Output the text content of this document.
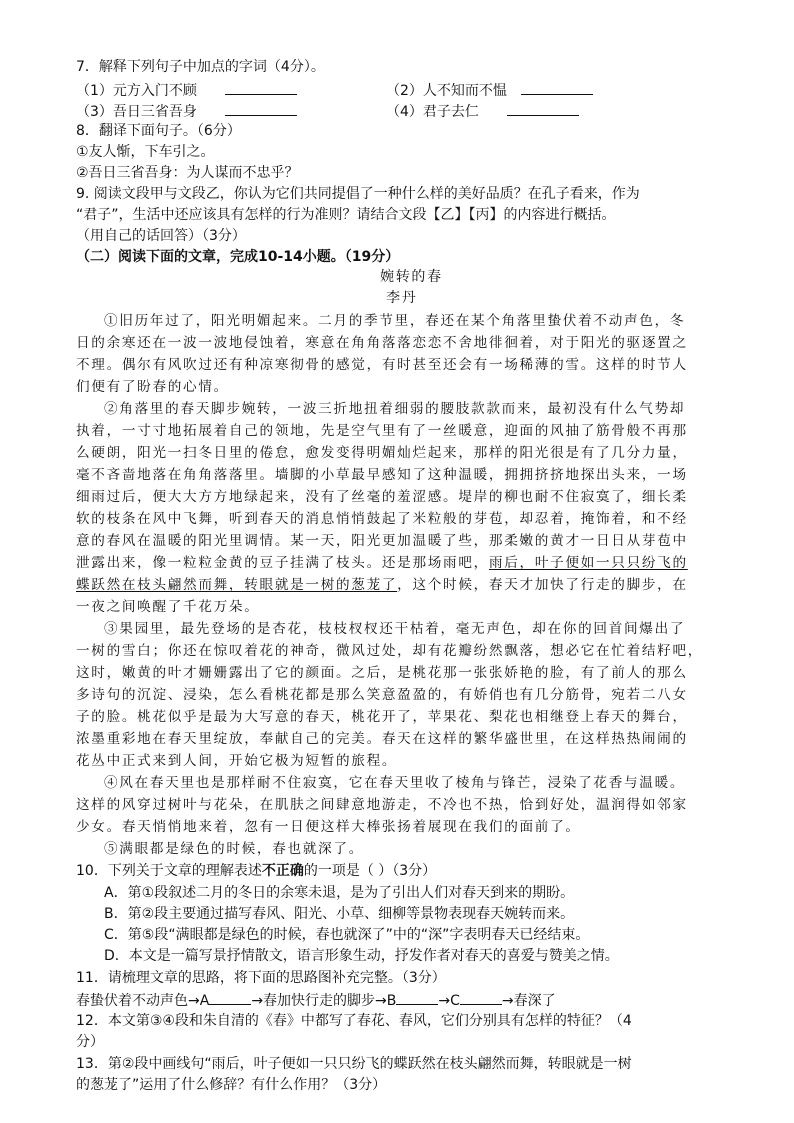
7．解释下列句子中加点的字词（4分）。
（1）元方入门不顾	（2）人不知而不愠
（3）吾日三省吾身	（4）君子去仁
8．翻译下面句子。（6分）
①友人惭，下车引之。
②吾日三省吾身：为人谋而不忠乎？
9. 阅读文段甲与文段乙，你认为它们共同提倡了一种什么样的美好品质？在孔子看来，作为
“君子”，生活中还应该具有怎样的行为准则？请结合文段【乙】【丙】的内容进行概括。
（用自己的话回答）（3分）
（二）阅读下面的文章，完成10-14小题。（19分）
婉转的春
李丹
①旧历年过了，阳光明媚起来。二月的季节里，春还在某个角落里蛰伏着不动声色，冬
日的余寒还在一波一波地侵蚀着，寒意在角角落落恋恋不舍地徘徊着，对于阳光的驱逐置之
不理。偶尔有风吹过还有种凉寒彻骨的感觉，有时甚至还会有一场稀薄的雪。这样的时节人
们便有了盼春的心情。
②角落里的春天脚步婉转，一波三折地扭着细弱的腰肢款款而来，最初没有什么气势却
执着，一寸寸地拓展着自己的领地，先是空气里有了一丝暖意，迎面的风抽了筋骨般不再那
么硬朗，阳光一扫冬日里的倦怠，愈发变得明媚灿烂起来，那样的阳光很是有了几分力量，
毫不吝啬地落在角角落落里。墙脚的小草最早感知了这种温暖，拥拥挤挤地探出头来，一场
细雨过后，便大大方方地绿起来，没有了丝毫的羞涩感。堤岸的柳也耐不住寂寞了，细长柔
软的枝条在风中飞舞，听到春天的消息悄悄鼓起了米粒般的芽苞，却忍着，掩饰着，和不经
意的春风在温暖的阳光里调情。某一天，阳光更加温暖了些，那柔嫩的黄才一日日从芽苞中
泄露出来，像一粒粒金黄的豆子挂满了枝头。还是那场雨吧，雨后，叶子便如一只只纷飞的
蝶跃然在枝头翩然而舞，转眼就是一树的葱茏了，这个时候，春天才加快了行走的脚步，在
一夜之间唤醒了千花万朵。
③果园里，最先登场的是杏花，枝枝杈杈还干枯着，毫无声色，却在你的回首间爆出了
一树的雪白；你还在惊叹着花的神奇，微风过处，却有花瓣纷然飘落，想必它在忙着结籽吧，
这时，嫩黄的叶才姗姗露出了它的颜面。之后，是桃花那一张张娇艳的脸，有了前人的那么
多诗句的沉淀、浸染，怎么看桃花都是那么笑意盈盈的，有娇俏也有几分筋骨，宛若二八女
子的脸。桃花似乎是最为大写意的春天，桃花开了，苹果花、梨花也相继登上春天的舞台，
浓墨重彩地在春天里绽放，奉献自己的完美。春天在这样的繁华盛世里，在这样热热闹闹的
花丛中正式来到人间，开始它极为短暂的旅程。
④风在春天里也是那样耐不住寂寞，它在春天里收了棱角与锋芒，浸染了花香与温暖。
这样的风穿过树叶与花朵，在肌肤之间肆意地游走，不冷也不热，恰到好处，温润得如邻家
少女。春天悄悄地来着，忽有一日便这样大棒张扬着展现在我们的面前了。
⑤满眼都是绿色的时候，春也就深了。
10．下列关于文章的理解表述不正确的一项是（ ）（3分）
A．第①段叙述二月的冬日的余寒未退，是为了引出人们对春天到来的期盼。
B．第②段主要通过描写春风、阳光、小草、细柳等景物表现春天婉转而来。
C．第⑤段“满眼都是绿色的时候，春也就深了”中的“深”字表明春天已经结束。
D．本文是一篇写景抒情散文，语言形象生动，抒发作者对春天的喜爱与赞美之情。
11．请梳理文章的思路，将下面的思路图补充完整。（3分）
春蛰伏着不动声色→A	→春加快行走的脚步→B	→C	→春深了
12．本文第③④段和朱自清的《春》中都写了春花、春风，它们分别具有怎样的特征？（4
分）
13．第②段中画线句“雨后，叶子便如一只只纷飞的蝶跃然在枝头翩然而舞，转眼就是一树
的葱茏了”运用了什么修辞？有什么作用？（3分）
